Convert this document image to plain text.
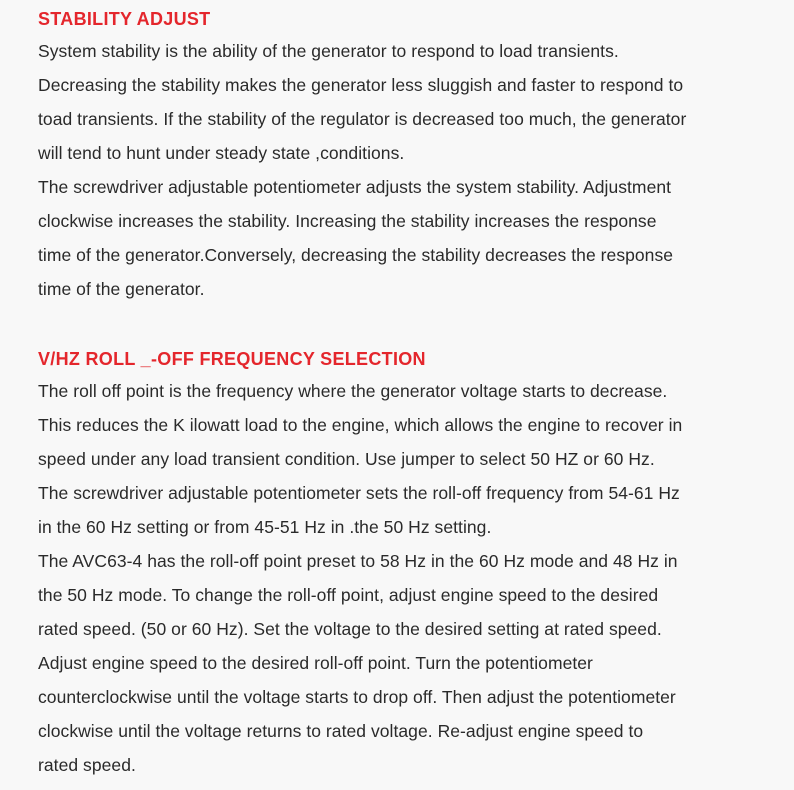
STABILITY ADJUST
System stability is the ability of the generator to respond to load transients.
Decreasing the stability makes the generator less sluggish and faster to respond to
toad transients. If the stability of the regulator is decreased too much, the generator
will tend to hunt under steady state ,conditions.
The screwdriver adjustable potentiometer adjusts the system stability. Adjustment
clockwise increases the stability. Increasing the stability increases the response
time of the generator.Conversely, decreasing the stability decreases the response
time of the generator.
V/HZ ROLL _-OFF FREQUENCY SELECTION
The roll off point is the frequency where the generator voltage starts to decrease.
This reduces the K ilowatt load to the engine, which allows the engine to recover in
speed under any load transient condition. Use jumper to select 50 HZ or 60 Hz.
The screwdriver adjustable potentiometer sets the roll-off frequency from 54-61 Hz
in the 60 Hz setting or from 45-51 Hz in .the 50 Hz setting.
The AVC63-4 has the roll-off point preset to 58 Hz in the 60 Hz mode and 48 Hz in
the 50 Hz mode. To change the roll-off point, adjust engine speed to the desired
rated speed. (50 or 60 Hz). Set the voltage to the desired setting at rated speed.
Adjust engine speed to the desired roll-off point. Turn the potentiometer
counterclockwise until the voltage starts to drop off. Then adjust the potentiometer
clockwise until the voltage returns to rated voltage. Re-adjust engine speed to
rated speed.
